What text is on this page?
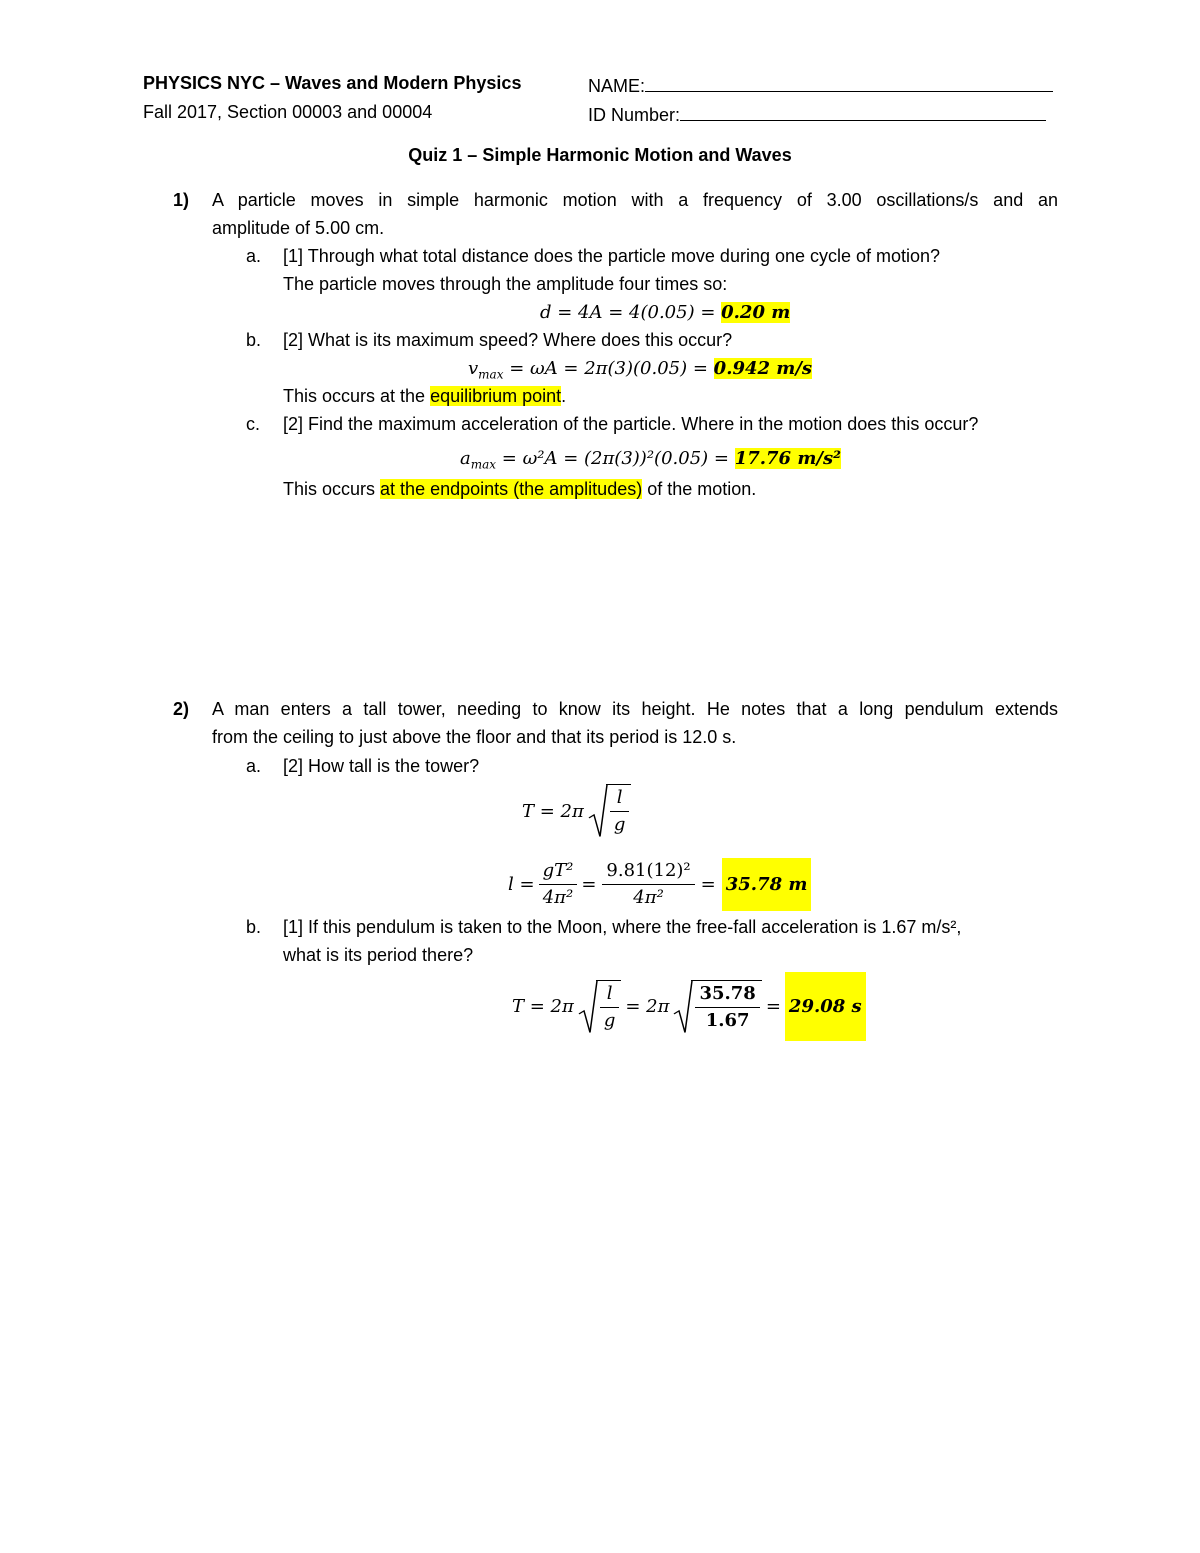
PHYSICS NYC – Waves and Modern Physics
Fall 2017, Section 00003 and 00004
NAME:
ID Number:
Quiz 1 – Simple Harmonic Motion and Waves
1) A particle moves in simple harmonic motion with a frequency of 3.00 oscillations/s and an
amplitude of 5.00 cm.
a. [1] Through what total distance does the particle move during one cycle of motion?
The particle moves through the amplitude four times so:
d = 4A = 4(0.05) = 0.20 m
b. [2] What is its maximum speed? Where does this occur?
$v_{max} = \omega A = 2\pi(3)(0.05) = 0.942$ m/s
This occurs at the equilibrium point.
c. [2] Find the maximum acceleration of the particle. Where in the motion does this occur?
$a_{max} = \omega^2A = (2\pi(3))^2(0.05) = 17.76$ m/s²
This occurs at the endpoints (the amplitudes) of the motion.
2) A man enters a tall tower, needing to know its height. He notes that a long pendulum extends
from the ceiling to just above the floor and that its period is 12.0 s.
a. [2] How tall is the tower?
$T = 2\pi \frac{l}{g}$
$l = \frac{\text{gT²}}{\text{4π²}} = \frac{\text{9.81(12)²}}{\text{4π²}} = 35.78$ m
b. [1] If this pendulum is taken to the Moon, where the free-fall acceleration is 1.67 m/s²,
what is its period there?
$T = 2\pi \frac{l}{g} = 2\pi \frac{35.78}{1.67} = 29.08$ s
